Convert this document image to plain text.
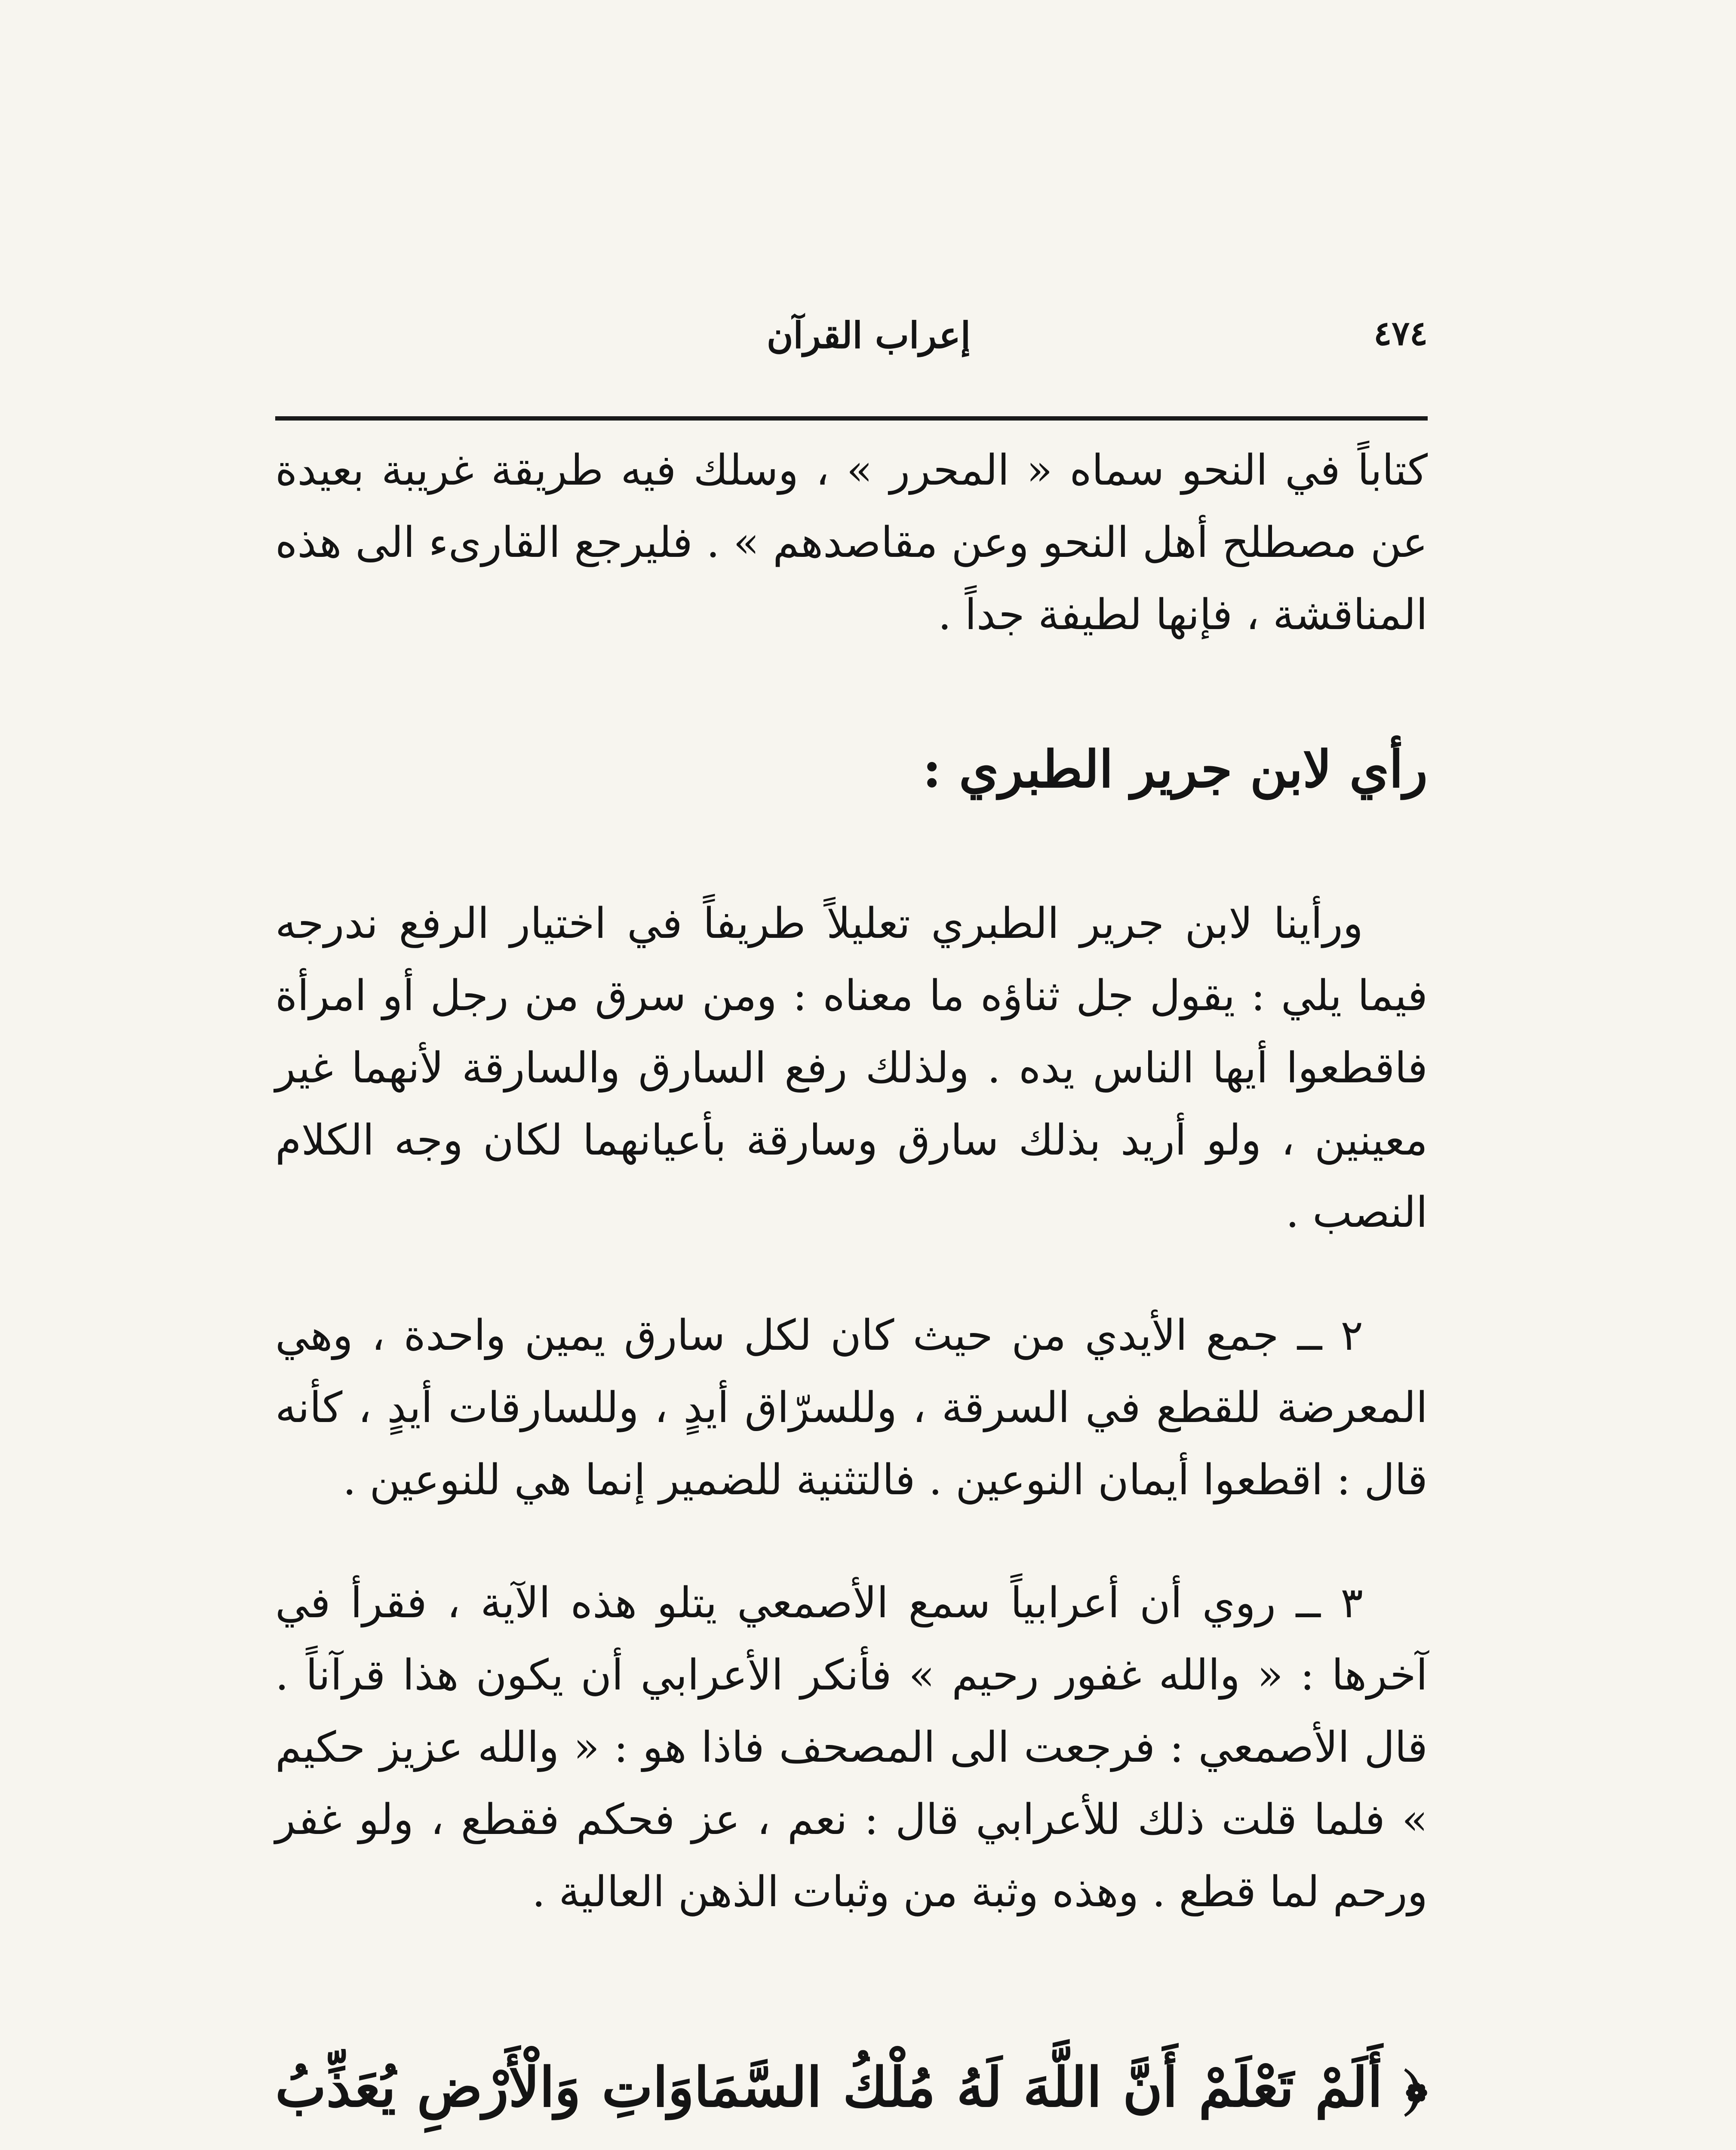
٤٧٤
إعراب القرآن

كتاباً في النحو سماه « المحرر » ، وسلك فيه طريقة غريبة بعيدة عن مصطلح أهل النحو وعن مقاصدهم » . فليرجع القارىء الى هذه المناقشة ، فإنها لطيفة جداً .

رأي لابن جرير الطبري :

ورأينا لابن جرير الطبري تعليلاً طريفاً في اختيار الرفع ندرجه فيما يلي : يقول جل ثناؤه ما معناه : ومن سرق من رجل أو امرأة فاقطعوا أيها الناس يده . ولذلك رفع السارق والسارقة لأنهما غير معينين ، ولو أريد بذلك سارق وسارقة بأعيانهما لكان وجه الكلام النصب .

٢ ــ جمع الأيدي من حيث كان لكل سارق يمين واحدة ، وهي المعرضة للقطع في السرقة ، وللسرّاق أيدٍ ، وللسارقات أيدٍ ، كأنه قال : اقطعوا أيمان النوعين . فالتثنية للضمير إنما هي للنوعين .

٣ ــ روي أن أعرابياً سمع الأصمعي يتلو هذه الآية ، فقرأ في آخرها : « والله غفور رحيم » فأنكر الأعرابي أن يكون هذا قرآناً . قال الأصمعي : فرجعت الى المصحف فاذا هو : « والله عزيز حكيم » فلما قلت ذلك للأعرابي قال : نعم ، عز فحكم فقطع ، ولو غفر ورحم لما قطع . وهذه وثبة من وثبات الذهن العالية .

﴿ أَلَمْ تَعْلَمْ أَنَّ اللَّهَ لَهُ مُلْكُ السَّمَاوَاتِ وَالْأَرْضِ يُعَذِّبُ
